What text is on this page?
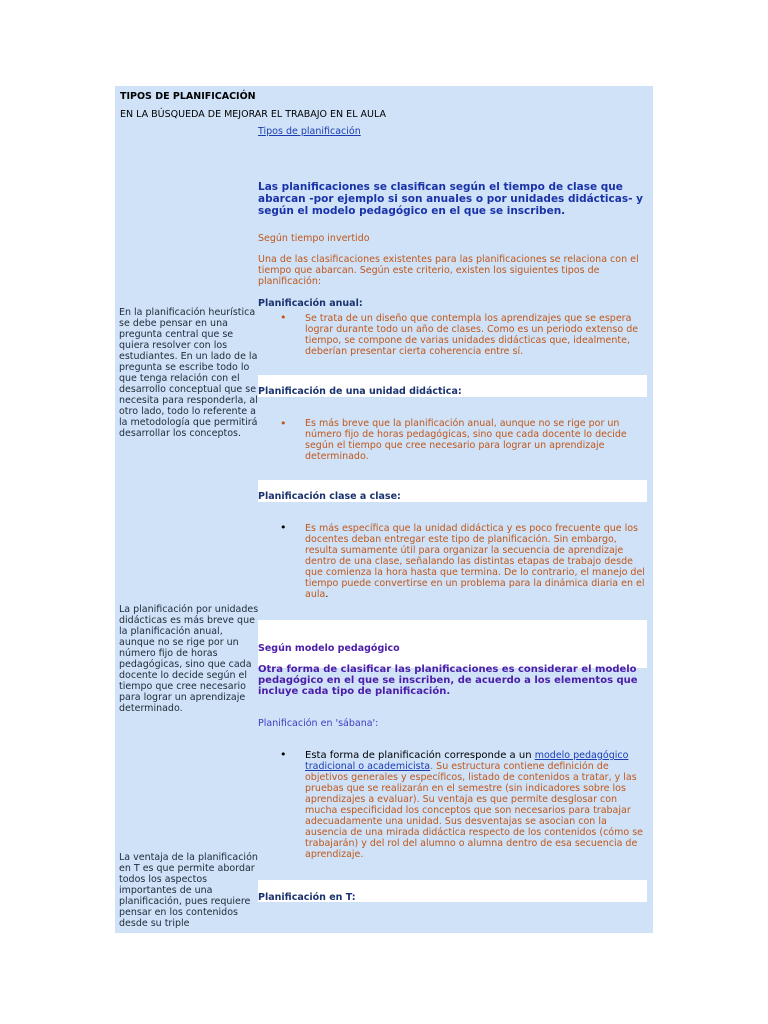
TIPOS DE PLANIFICACIÓN
EN LA BÚSQUEDA DE MEJORAR EL TRABAJO EN EL AULA
Tipos de planificación
Las planificaciones se clasifican según el tiempo de clase que abarcan -por ejemplo si son anuales o por unidades didácticas- y según el modelo pedagógico en el que se inscriben.
Según tiempo invertido
Una de las clasificaciones existentes para las planificaciones se relaciona con el tiempo que abarcan. Según este criterio, existen los siguientes tipos de planificación:
Planificación anual:
• Se trata de un diseño que contempla los aprendizajes que se espera lograr durante todo un año de clases. Como es un periodo extenso de tiempo, se compone de varias unidades didácticas que, idealmente, deberían presentar cierta coherencia entre sí.
Planificación de una unidad didáctica:
• Es más breve que la planificación anual, aunque no se rige por un número fijo de horas pedagógicas, sino que cada docente lo decide según el tiempo que cree necesario para lograr un aprendizaje determinado.
Planificación clase a clase:
• Es más específica que la unidad didáctica y es poco frecuente que los docentes deban entregar este tipo de planificación. Sin embargo, resulta sumamente útil para organizar la secuencia de aprendizaje dentro de una clase, señalando las distintas etapas de trabajo desde que comienza la hora hasta que termina. De lo contrario, el manejo del tiempo puede convertirse en un problema para la dinámica diaria en el aula.
Según modelo pedagógico
Otra forma de clasificar las planificaciones es considerar el modelo pedagógico en el que se inscriben, de acuerdo a los elementos que incluye cada tipo de planificación.
Planificación en 'sábana':
• Esta forma de planificación corresponde a un modelo pedagógico tradicional o academicista. Su estructura contiene definición de objetivos generales y específicos, listado de contenidos a tratar, y las pruebas que se realizarán en el semestre (sin indicadores sobre los aprendizajes a evaluar). Su ventaja es que permite desglosar con mucha especificidad los conceptos que son necesarios para trabajar adecuadamente una unidad. Sus desventajas se asocian con la ausencia de una mirada didáctica respecto de los contenidos (cómo se trabajarán) y del rol del alumno o alumna dentro de esa secuencia de aprendizaje.
Planificación en T:
En la planificación heurística se debe pensar en una pregunta central que se quiera resolver con los estudiantes. En un lado de la pregunta se escribe todo lo que tenga relación con el desarrollo conceptual que se necesita para responderla, al otro lado, todo lo referente a la metodología que permitirá desarrollar los conceptos.
La planificación por unidades didácticas es más breve que la planificación anual, aunque no se rige por un número fijo de horas pedagógicas, sino que cada docente lo decide según el tiempo que cree necesario para lograr un aprendizaje determinado.
La ventaja de la planificación en T es que permite abordar todos los aspectos importantes de una planificación, pues requiere pensar en los contenidos desde su triple
